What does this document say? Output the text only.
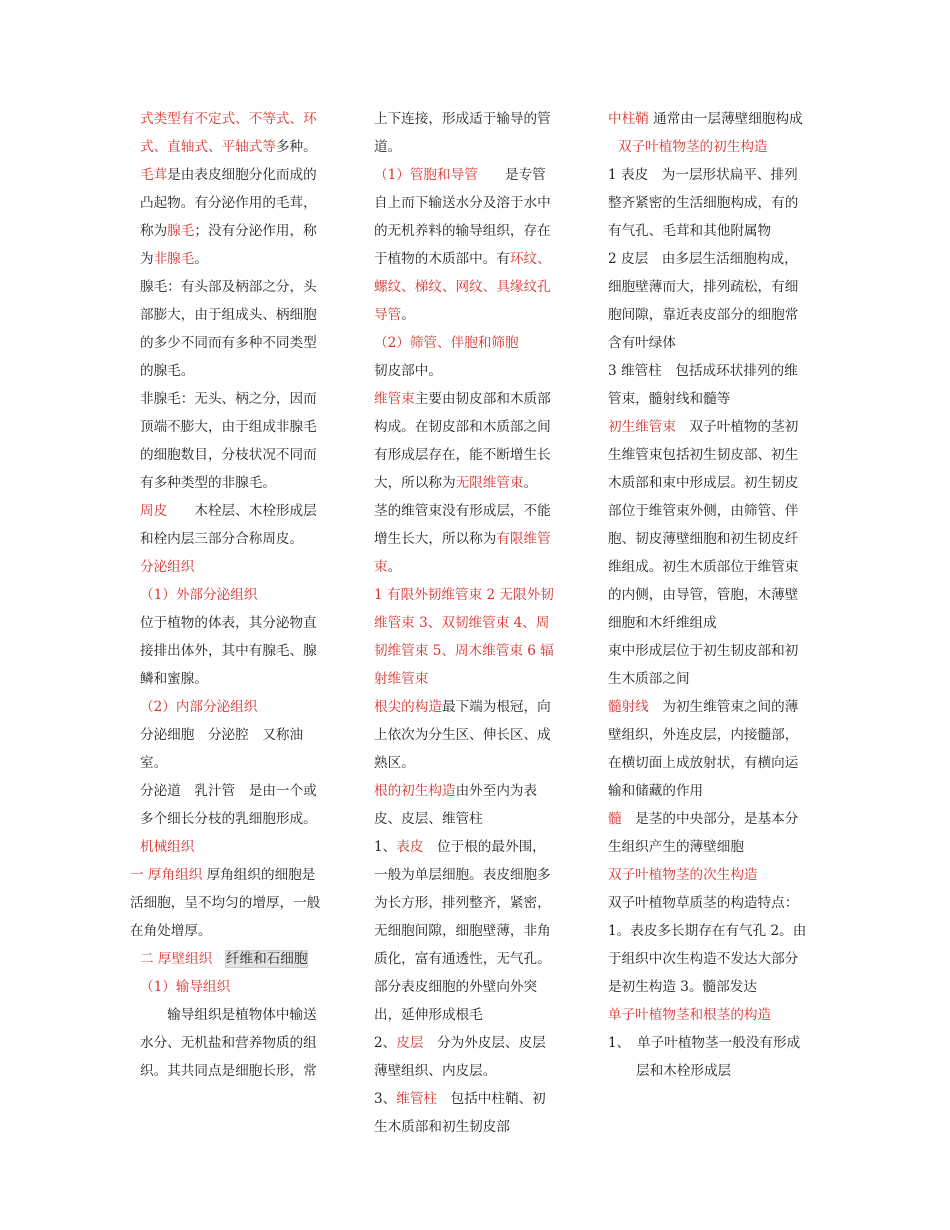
式类型有不定式、不等式、环式、直轴式、平轴式等多种。

毛茸是由表皮细胞分化而成的凸起物。有分泌作用的毛茸，称为腺毛；没有分泌作用，称为非腺毛。

腺毛：有头部及柄部之分，头部膨大，由于组成头、柄细胞的多少不同而有多种不同类型的腺毛。

非腺毛：无头、柄之分，因而顶端不膨大，由于组成非腺毛的细胞数目，分枝状况不同而有多种类型的非腺毛。

周皮　　木栓层、木栓形成层和栓内层三部分合称周皮。

分泌组织

（1）外部分泌组织

位于植物的体表，其分泌物直接排出体外，其中有腺毛、腺鳞和蜜腺。

（2）内部分泌组织

分泌细胞　分泌腔　又称油室。

分泌道　乳汁管　是由一个或多个细长分枝的乳细胞形成。

机械组织

一 厚角组织 厚角组织的细胞是活细胞，呈不均匀的增厚，一般在角处增厚。

二 厚壁组织　 纤维和石细胞

（1）输导组织

　　输导组织是植物体中输送水分、无机盐和营养物质的组织。其共同点是细胞长形，常

上下连接，形成适于输导的管道。

（1）管胞和导管　　是专管自上而下输送水分及溶于水中的无机养料的输导组织，存在于植物的木质部中。有环纹、螺纹、梯纹、网纹、具缘纹孔导管。

（2）筛管、伴胞和筛胞　　韧皮部中。

维管束主要由韧皮部和木质部构成。在韧皮部和木质部之间有形成层存在，能不断增生长大，所以称为无限维管束。

茎的维管束没有形成层，不能增生长大，所以称为有限维管束。

1 有限外韧维管束 2 无限外韧维管束 3、双韧维管束 4、周韧维管束 5、周木维管束 6 辐射维管束

根尖的构造最下端为根冠，向上依次为分生区、伸长区、成熟区。

根的初生构造由外至内为表皮、皮层、维管柱

1、表皮　位于根的最外围，一般为单层细胞。表皮细胞多为长方形，排列整齐，紧密，无细胞间隙，细胞壁薄，非角质化，富有通透性，无气孔。部分表皮细胞的外壁向外突出，延伸形成根毛

2、皮层　分为外皮层、皮层薄壁组织、内皮层。

3、维管柱　包括中柱鞘、初生木质部和初生韧皮部

中柱鞘 通常由一层薄壁细胞构成

双子叶植物茎的初生构造

1 表皮　为一层形状扁平、排列整齐紧密的生活细胞构成，有的有气孔、毛茸和其他附属物

2 皮层　由多层生活细胞构成，细胞壁薄而大，排列疏松，有细胞间隙，靠近表皮部分的细胞常含有叶绿体

3 维管柱　包括成环状排列的维管束，髓射线和髓等

初生维管束　双子叶植物的茎初生维管束包括初生韧皮部、初生木质部和束中形成层。初生韧皮部位于维管束外侧，由筛管、伴胞、韧皮薄壁细胞和初生韧皮纤维组成。初生木质部位于维管束的内侧，由导管，管胞，木薄壁细胞和木纤维组成

束中形成层位于初生韧皮部和初生木质部之间

髓射线　为初生维管束之间的薄壁组织，外连皮层，内接髓部，在横切面上成放射状，有横向运输和储藏的作用

髓　是茎的中央部分，是基本分生组织产生的薄壁细胞

双子叶植物茎的次生构造

双子叶植物草质茎的构造特点：1。表皮多长期存在有气孔 2。由于组织中次生构造不发达大部分是初生构造 3。髓部发达

单子叶植物茎和根茎的构造

1、　单子叶植物茎一般没有形成层和木栓形成层
